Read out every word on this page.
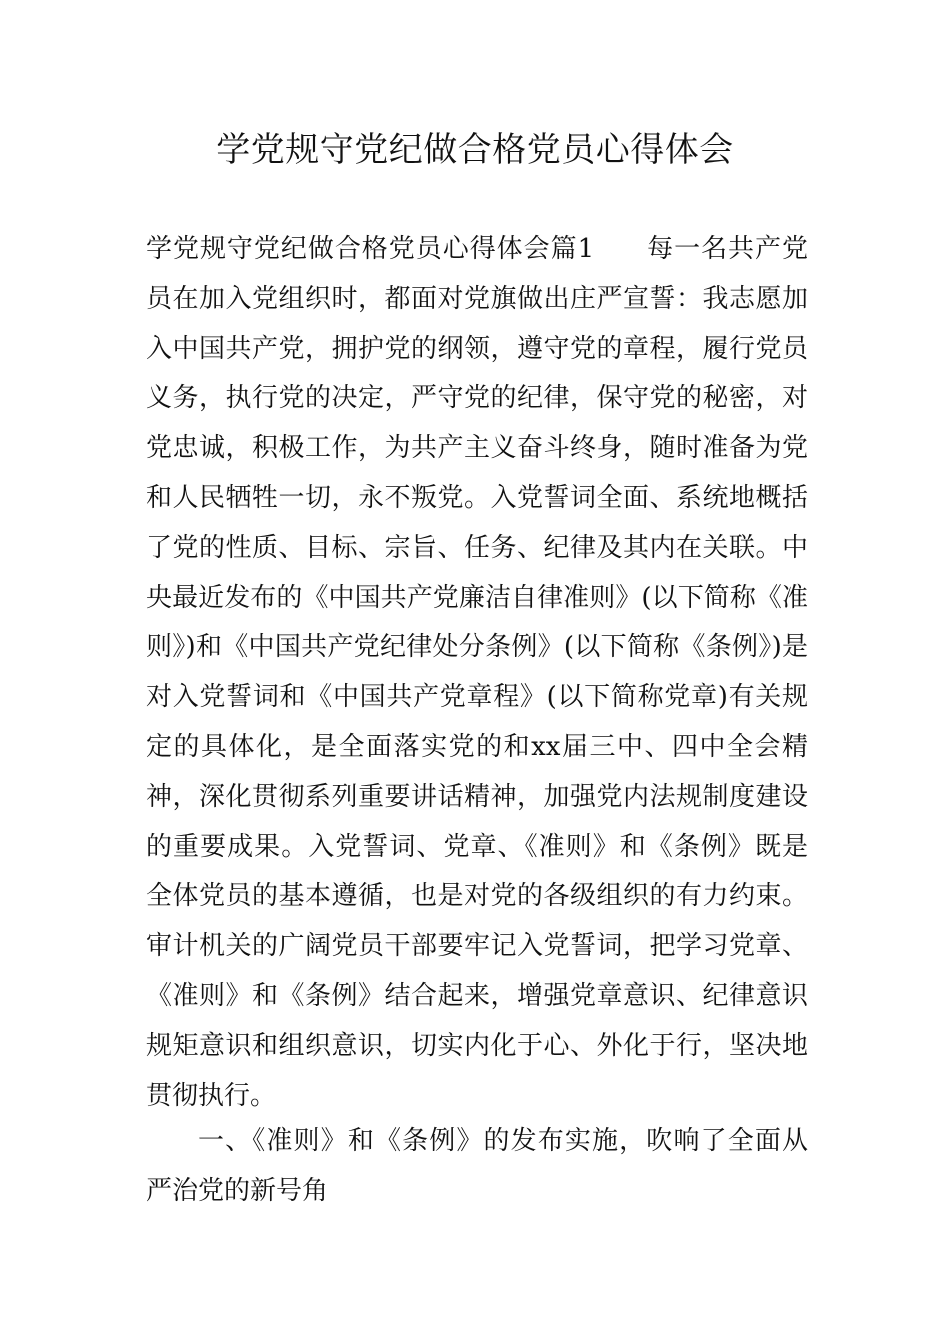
学党规守党纪做合格党员心得体会

学党规守党纪做合格党员心得体会篇1 每一名共产党员在加入党组织时，都面对党旗做出庄严宣誓：我志愿加入中国共产党，拥护党的纲领，遵守党的章程，履行党员义务，执行党的决定，严守党的纪律，保守党的秘密，对党忠诚，积极工作，为共产主义奋斗终身，随时准备为党和人民牺牲一切，永不叛党。入党誓词全面、系统地概括了党的性质、目标、宗旨、任务、纪律及其内在关联。中央最近发布的《中国共产党廉洁自律准则》(以下简称《准则》)和《中国共产党纪律处分条例》(以下简称《条例》)是对入党誓词和《中国共产党章程》(以下简称党章)有关规定的具体化，是全面落实党的和xx届三中、四中全会精神，深化贯彻系列重要讲话精神，加强党内法规制度建设的重要成果。入党誓词、党章、《准则》和《条例》既是全体党员的基本遵循，也是对党的各级组织的有力约束。审计机关的广阔党员干部要牢记入党誓词，把学习党章、《准则》和《条例》结合起来，增强党章意识、纪律意识规矩意识和组织意识，切实内化于心、外化于行，坚决地贯彻执行。

一、《准则》和《条例》的发布实施，吹响了全面从严治党的新号角
